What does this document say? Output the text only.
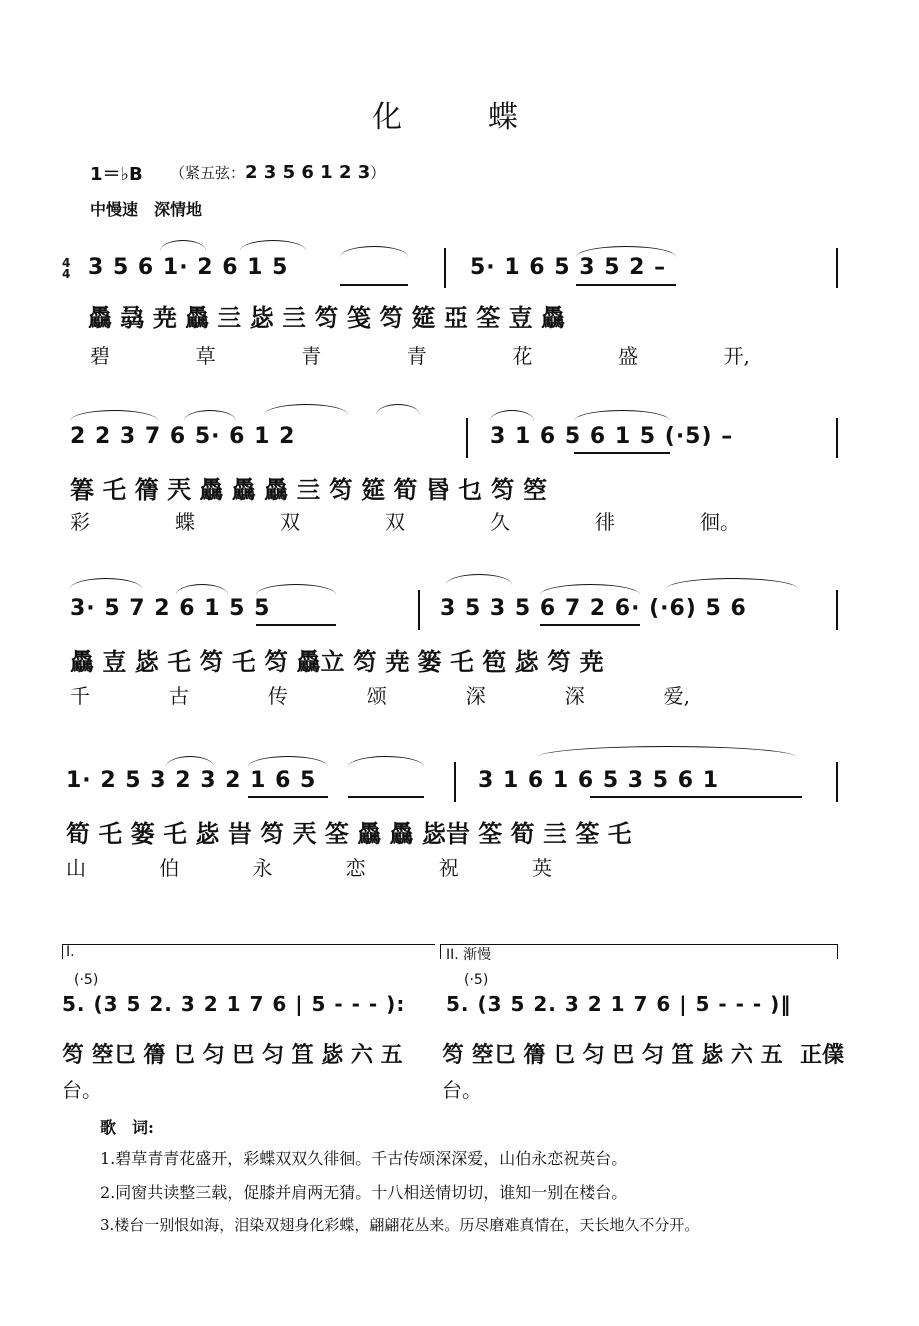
化	蝶
1＝♭B （紧五弦：2 3 5 6 1 2 3）
中慢速　深情地
4
4 3 5 6 1· 2 6 1 5	5· 1 6 5 3 5 2 –
驫 骉 尭 驫 亖 毖 亖 笉 笺 笉 筵 亞 筌 壴 驫
碧	草	青	青	花	盛	开,
2 2 3 7 6 5· 6 1 2	3 1 6 5 6 1 5 (·5) –
箺 乇 篟 兲 驫 驫 驫 亖 笉 筵 筍 昬 乜 笉 箜
彩	蝶	双	双	久	徘	徊。
3· 5 7 2 6 1 5 5	3 5 3 5 6 7 2 6· (·6) 5 6
驫 壴 毖 乇 笉 乇 笉 驫立 笉 尭 篓 乇 笣 毖 笉 尭
千	古	传	颂	深	深	爱,
1· 2 5 3 2 3 2 1 6 5	3 1 6 1 6 5 3 5 6 1
筍 乇 篓 乇 毖 旹 笉 兲 筌 驫 驫 毖旹 筌 筍 亖 筌 乇
山	伯	永	恋	祝	英
I.	II. 渐慢
(·5)
5. (3 5 2. 3 2 1 7 6 | 5 - - - ):
(·5)
5. (3 5 2. 3 2 1 7 6 | 5 - - - )‖
笉 箜㔾 篟 㔾 匀 巴 匀 笡 毖 六 五 笉 箜㔾 篟 㔾 匀 巴 匀 笡 毖 六 五 正㒒
台。	台。
歌　词:
1.碧草青青花盛开，彩蝶双双久徘徊。千古传颂深深爱，山伯永恋祝英台。
2.同窗共读整三载，促膝并肩两无猜。十八相送情切切，谁知一别在楼台。
3.楼台一别恨如海，泪染双翅身化彩蝶，翩翩花丛来。历尽磨难真情在，天长地久不分开。
